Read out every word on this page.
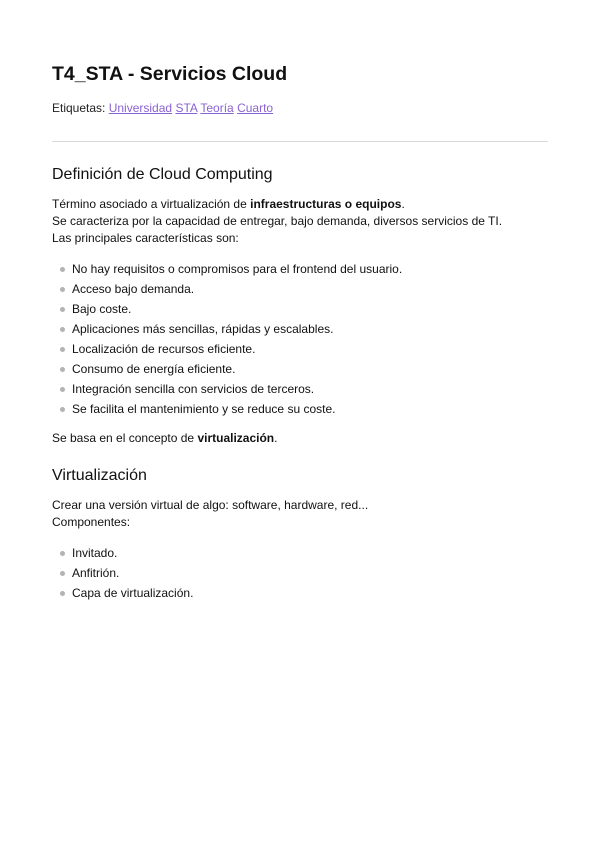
T4_STA - Servicios Cloud
Etiquetas: Universidad STA Teoría Cuarto
Definición de Cloud Computing

Término asociado a virtualización de infraestructuras o equipos.

Se caracteriza por la capacidad de entregar, bajo demanda, diversos servicios de TI.

Las principales características son:

No hay requisitos o compromisos para el frontend del usuario.
Acceso bajo demanda.
Bajo coste.
Aplicaciones más sencillas, rápidas y escalables.
Localización de recursos eficiente.
Consumo de energía eficiente.
Integración sencilla con servicios de terceros.
Se facilita el mantenimiento y se reduce su coste.

Se basa en el concepto de virtualización.

Virtualización

Crear una versión virtual de algo: software, hardware, red...

Componentes:

Invitado.
Anfitrión.
Capa de virtualización.
